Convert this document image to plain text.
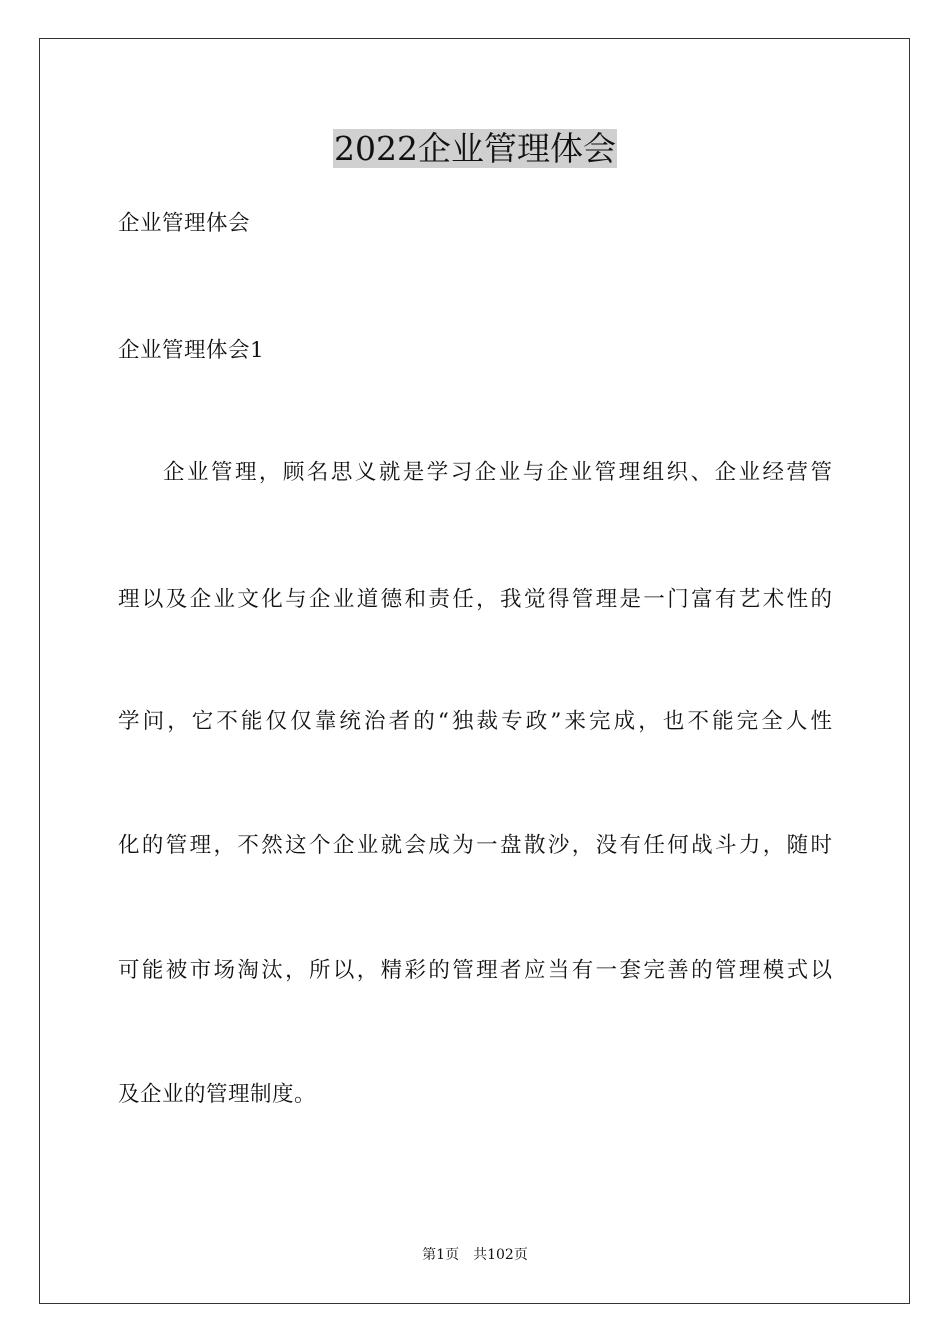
2022企业管理体会
企业管理体会
企业管理体会1
企业管理，顾名思义就是学习企业与企业管理组织、企业经营管
理以及企业文化与企业道德和责任，我觉得管理是一门富有艺术性的
学问，它不能仅仅靠统治者的“独裁专政”来完成，也不能完全人性
化的管理，不然这个企业就会成为一盘散沙，没有任何战斗力，随时
可能被市场淘汰，所以，精彩的管理者应当有一套完善的管理模式以
及企业的管理制度。
第1页 共102页
